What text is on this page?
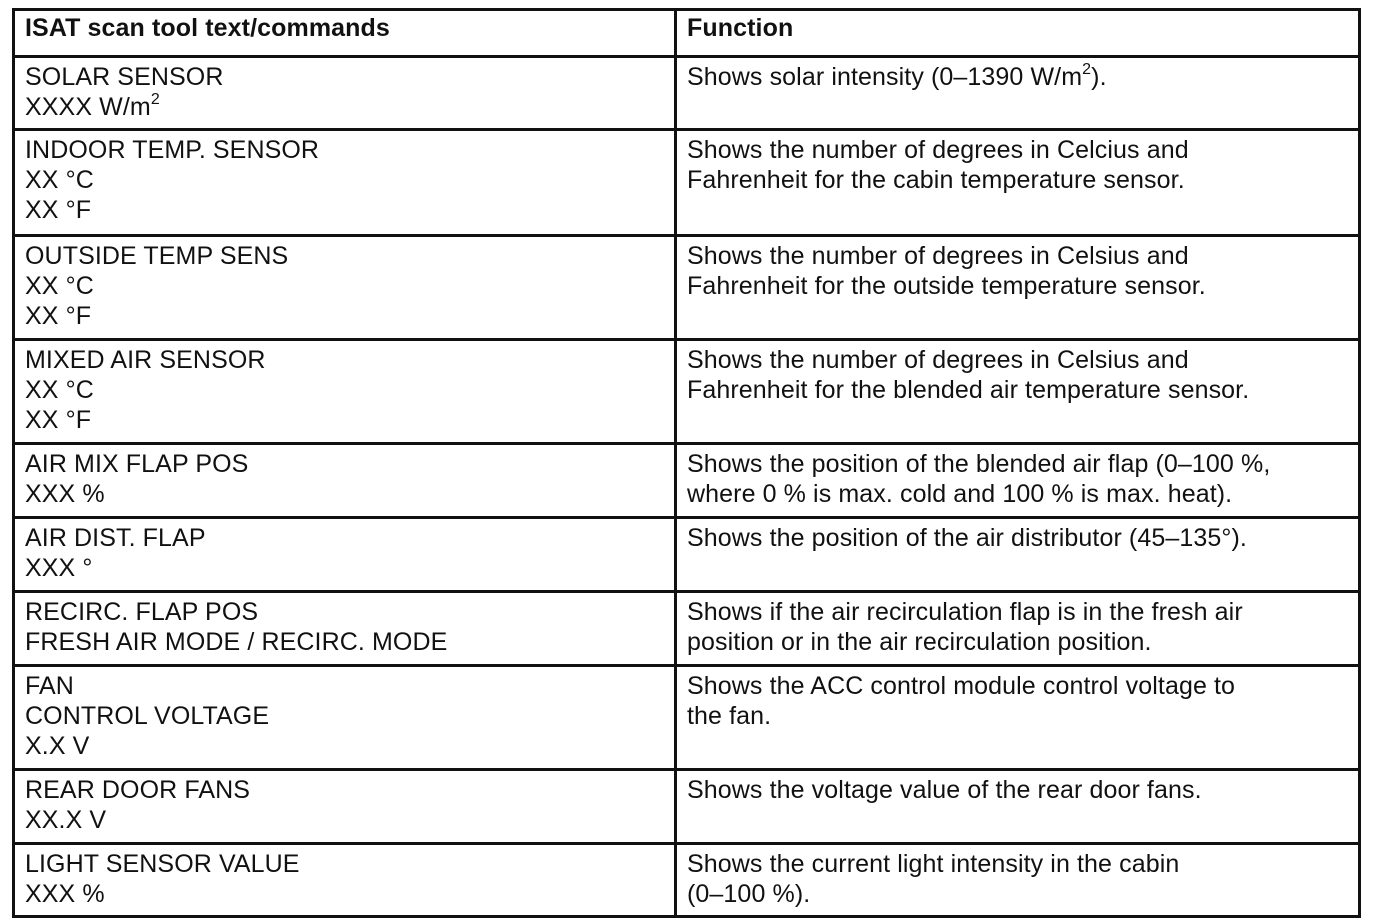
ISAT scan tool text/commands	Function

SOLAR SENSOR
XXXX $W/m^2$	Shows solar intensity (0–1390 $W/m^2$).

INDOOR TEMP. SENSOR
XX °C
XX °F	Shows the number of degrees in Celcius and
Fahrenheit for the cabin temperature sensor.

OUTSIDE TEMP SENS
XX °C
XX °F	Shows the number of degrees in Celsius and
Fahrenheit for the outside temperature sensor.

MIXED AIR SENSOR
XX °C
XX °F	Shows the number of degrees in Celsius and
Fahrenheit for the blended air temperature sensor.

AIR MIX FLAP POS
XXX %	Shows the position of the blended air flap (0–100 %,
where 0 % is max. cold and 100 % is max. heat).

AIR DIST. FLAP
XXX °	Shows the position of the air distributor (45–135°).

RECIRC. FLAP POS
FRESH AIR MODE / RECIRC. MODE	Shows if the air recirculation flap is in the fresh air
position or in the air recirculation position.

FAN
CONTROL VOLTAGE
X.X V	Shows the ACC control module control voltage to
the fan.

REAR DOOR FANS
XX.X V	Shows the voltage value of the rear door fans.

LIGHT SENSOR VALUE
XXX %	Shows the current light intensity in the cabin
(0–100 %).
